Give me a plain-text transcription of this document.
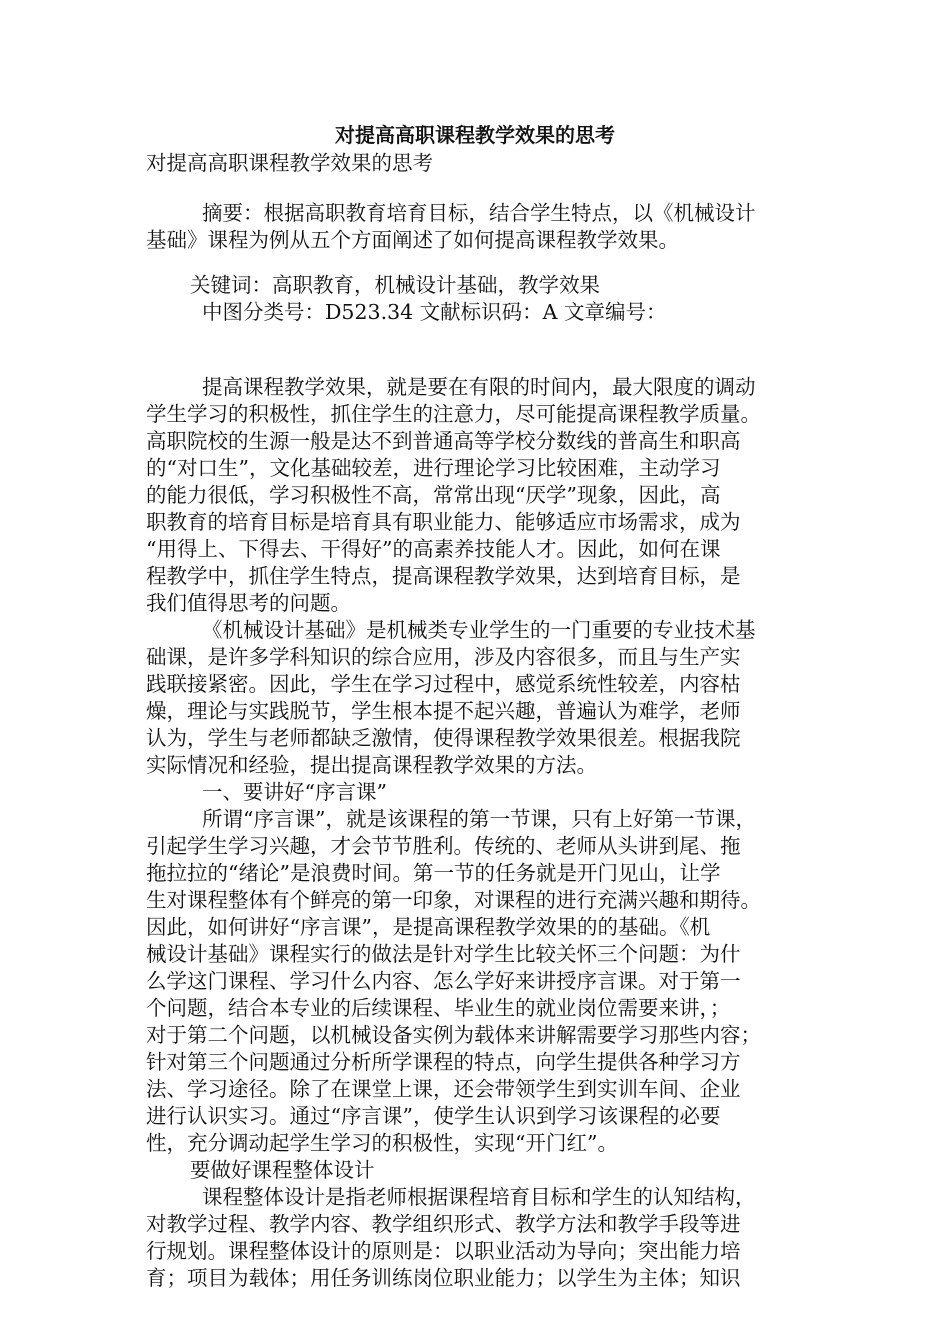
对提高高职课程教学效果的思考
对提高高职课程教学效果的思考
摘要：根据高职教育培育目标，结合学生特点，以《机械设计
基础》课程为例从五个方面阐述了如何提高课程教学效果。
关键词：高职教育，机械设计基础，教学效果
中图分类号：D523.34 文献标识码：A 文章编号：
提高课程教学效果，就是要在有限的时间内，最大限度的调动
学生学习的积极性，抓住学生的注意力，尽可能提高课程教学质量。
高职院校的生源一般是达不到普通高等学校分数线的普高生和职高
的“对口生”，文化基础较差，进行理论学习比较困难，主动学习
的能力很低，学习积极性不高，常常出现“厌学”现象，因此，高
职教育的培育目标是培育具有职业能力、能够适应市场需求，成为
“用得上、下得去、干得好”的高素养技能人才。因此，如何在课
程教学中，抓住学生特点，提高课程教学效果，达到培育目标，是
我们值得思考的问题。
《机械设计基础》是机械类专业学生的一门重要的专业技术基
础课，是许多学科知识的综合应用，涉及内容很多，而且与生产实
践联接紧密。因此，学生在学习过程中，感觉系统性较差，内容枯
燥，理论与实践脱节，学生根本提不起兴趣，普遍认为难学，老师
认为，学生与老师都缺乏激情，使得课程教学效果很差。根据我院
实际情况和经验，提出提高课程教学效果的方法。
一、要讲好“序言课”
所谓“序言课”，就是该课程的第一节课，只有上好第一节课，
引起学生学习兴趣，才会节节胜利。传统的、老师从头讲到尾、拖
拖拉拉的“绪论”是浪费时间。第一节的任务就是开门见山，让学
生对课程整体有个鲜亮的第一印象，对课程的进行充满兴趣和期待。
因此，如何讲好“序言课”，是提高课程教学效果的的基础。《机
械设计基础》课程实行的做法是针对学生比较关怀三个问题：为什
么学这门课程、学习什么内容、怎么学好来讲授序言课。对于第一
个问题，结合本专业的后续课程、毕业生的就业岗位需要来讲，；
对于第二个问题，以机械设备实例为载体来讲解需要学习那些内容；
针对第三个问题通过分析所学课程的特点，向学生提供各种学习方
法、学习途径。除了在课堂上课，还会带领学生到实训车间、企业
进行认识实习。通过“序言课”，使学生认识到学习该课程的必要
性，充分调动起学生学习的积极性，实现“开门红”。
要做好课程整体设计
课程整体设计是指老师根据课程培育目标和学生的认知结构，
对教学过程、教学内容、教学组织形式、教学方法和教学手段等进
行规划。课程整体设计的原则是：以职业活动为导向；突出能力培
育；项目为载体；用任务训练岗位职业能力；以学生为主体；知识
